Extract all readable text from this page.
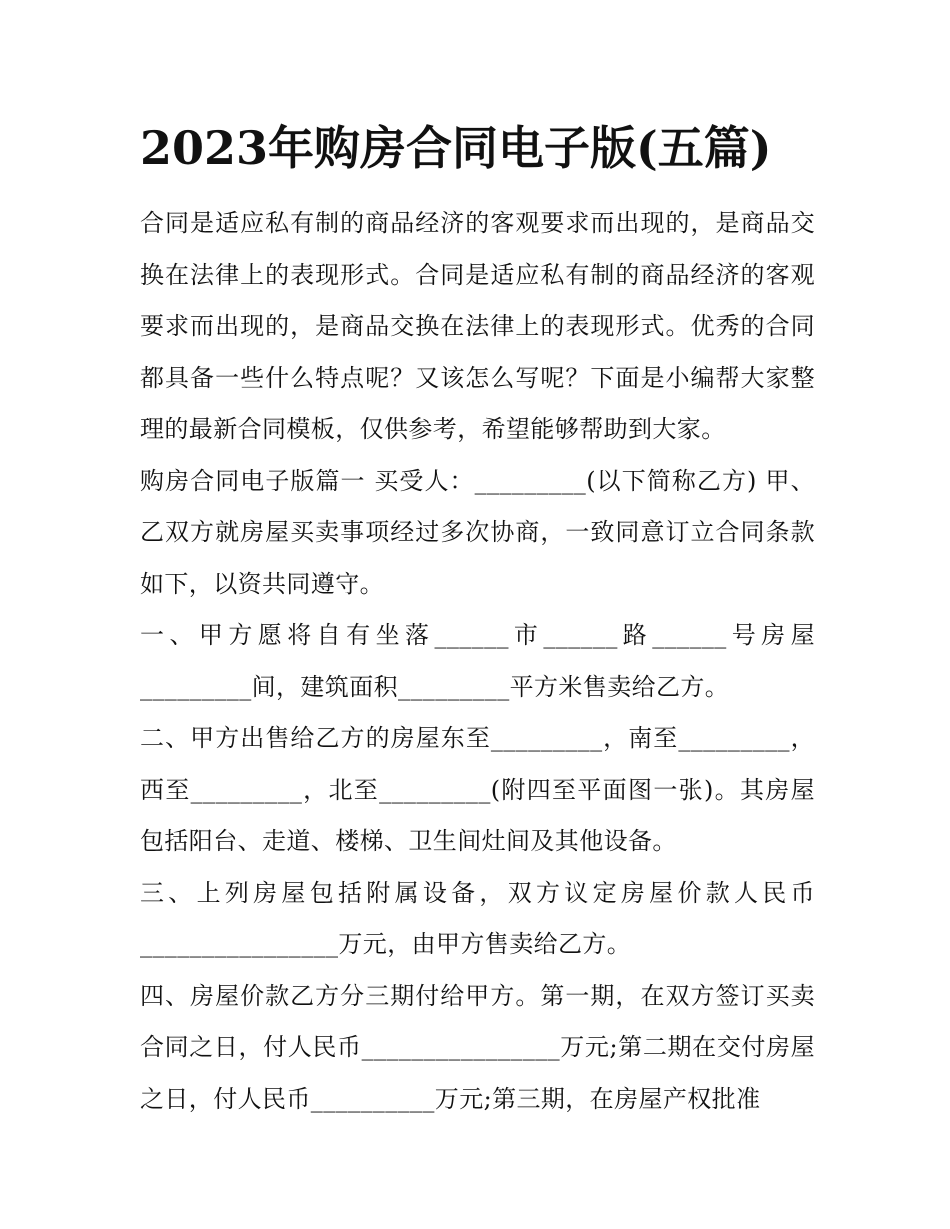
2023年购房合同电子版(五篇)

合同是适应私有制的商品经济的客观要求而出现的，是商品交换在法律上的表现形式。合同是适应私有制的商品经济的客观要求而出现的，是商品交换在法律上的表现形式。优秀的合同都具备一些什么特点呢？又该怎么写呢？下面是小编帮大家整理的最新合同模板，仅供参考，希望能够帮助到大家。

购房合同电子版篇一 买受人：_________(以下简称乙方) 甲、乙双方就房屋买卖事项经过多次协商，一致同意订立合同条款如下，以资共同遵守。

一、甲方愿将自有坐落______市______路______号房屋_________间，建筑面积_________平方米售卖给乙方。

二、甲方出售给乙方的房屋东至_________，南至_________，西至_________，北至_________(附四至平面图一张)。其房屋包括阳台、走道、楼梯、卫生间灶间及其他设备。

三、上列房屋包括附属设备，双方议定房屋价款人民币________________万元，由甲方售卖给乙方。

四、房屋价款乙方分三期付给甲方。第一期，在双方签订买卖合同之日，付人民币________________万元;第二期在交付房屋之日，付人民币__________万元;第三期，在房屋产权批准
